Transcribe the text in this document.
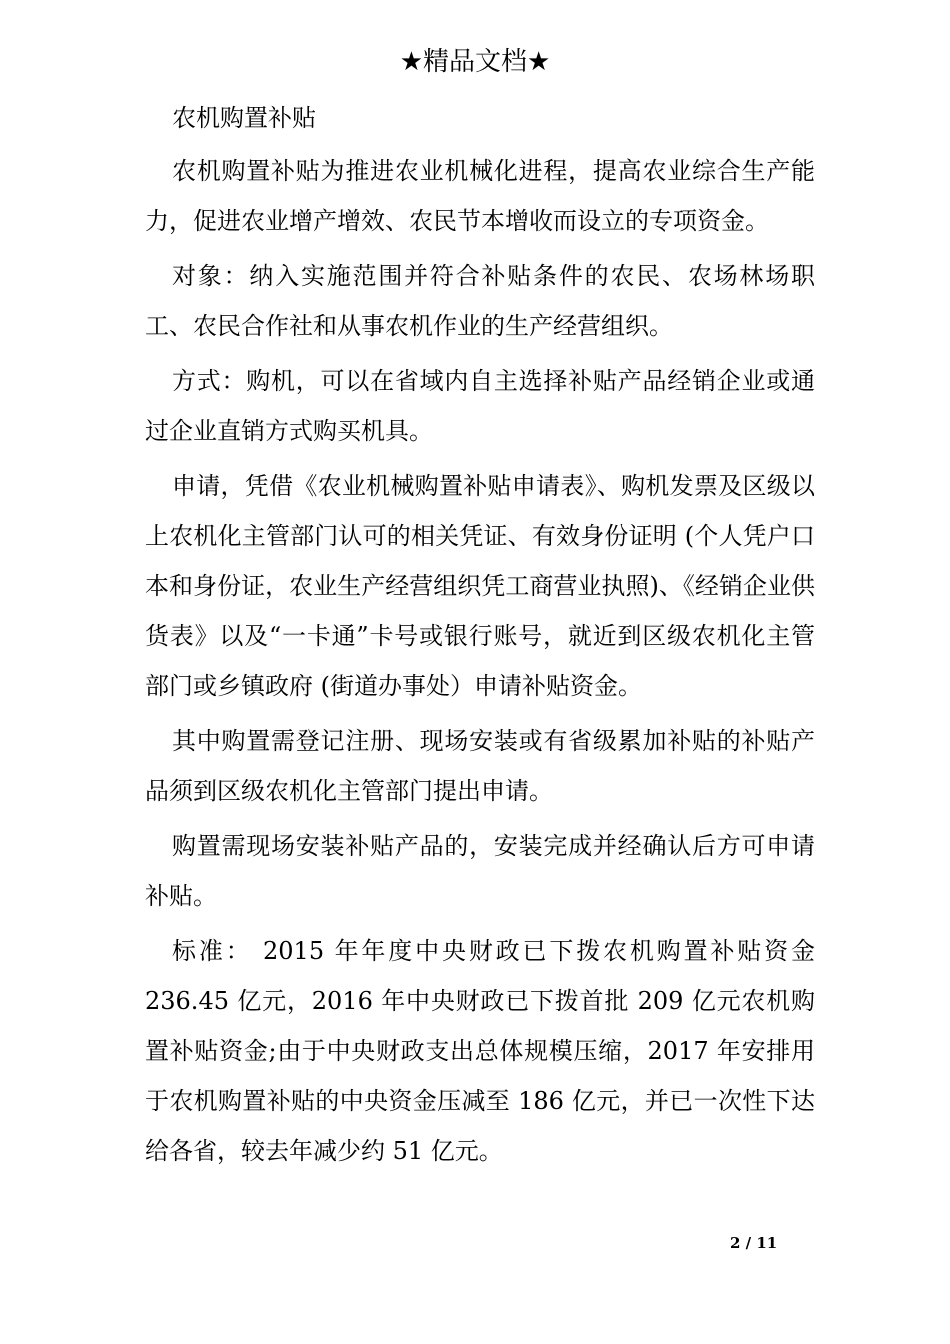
★精品文档★
农机购置补贴

农机购置补贴为推进农业机械化进程，提高农业综合生产能力，促进农业增产增效、农民节本增收而设立的专项资金。

对象：纳入实施范围并符合补贴条件的农民、农场林场职工、农民合作社和从事农机作业的生产经营组织。

方式：购机，可以在省域内自主选择补贴产品经销企业或通过企业直销方式购买机具。

申请，凭借《农业机械购置补贴申请表》、购机发票及区级以上农机化主管部门认可的相关凭证、有效身份证明 (个人凭户口本和身份证，农业生产经营组织凭工商营业执照)、《经销企业供货表》以及“一卡通”卡号或银行账号，就近到区级农机化主管部门或乡镇政府 (街道办事处）申请补贴资金。

其中购置需登记注册、现场安装或有省级累加补贴的补贴产品须到区级农机化主管部门提出申请。

购置需现场安装补贴产品的，安装完成并经确认后方可申请补贴。

标准： 2015 年年度中央财政已下拨农机购置补贴资金 236.45 亿元，2016 年中央财政已下拨首批 209 亿元农机购置补贴资金;由于中央财政支出总体规模压缩，2017 年安排用于农机购置补贴的中央资金压减至 186 亿元，并已一次性下达给各省，较去年减少约 51 亿元。

2 / 11
